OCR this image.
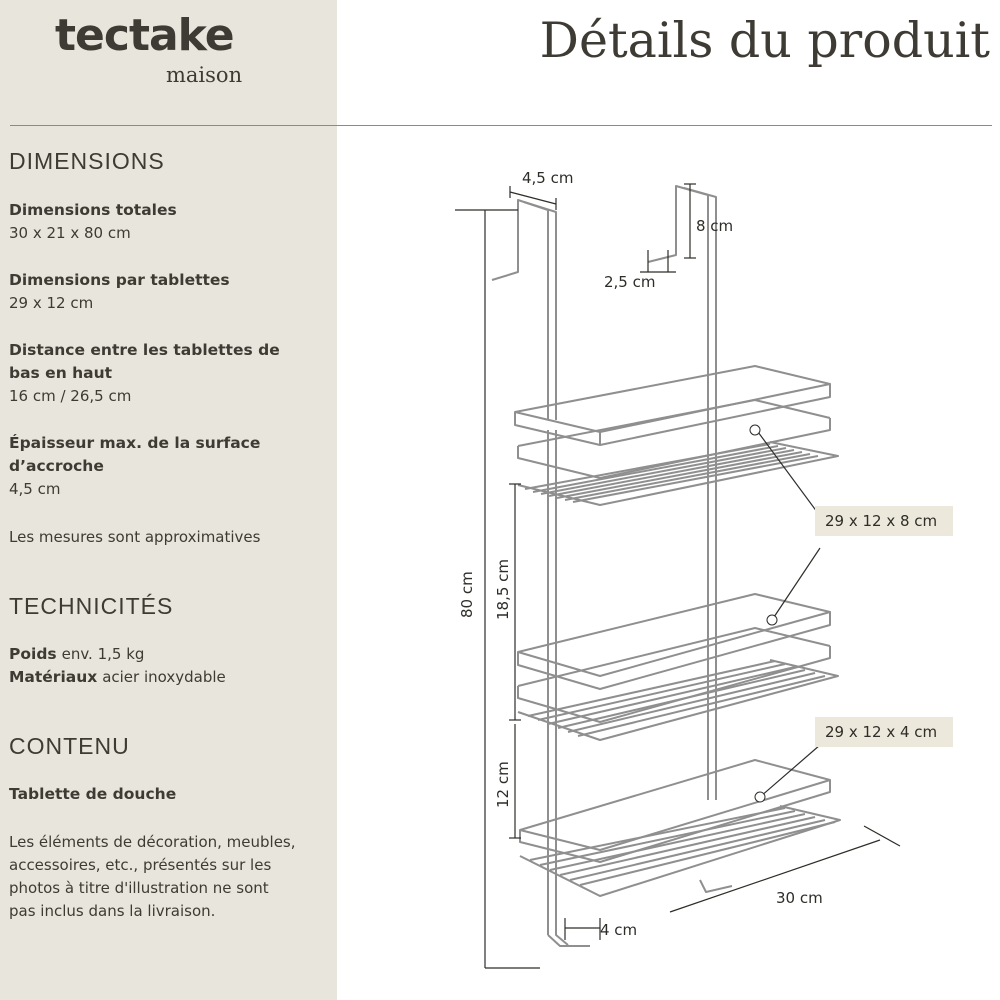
tectake
maison
Détails du produit
DIMENSIONS
Dimensions totales
30 x 21 x 80 cm
Dimensions par tablettes
29 x 12 cm
Distance entre les tablettes de bas en haut
16 cm / 26,5 cm
Épaisseur max. de la surface d’accroche
4,5 cm
Les mesures sont approximatives
TECHNICITÉS
Poids env. 1,5 kg
Matériaux acier inoxydable
CONTENU
Tablette de douche
Les éléments de décoration, meubles, accessoires, etc., présentés sur les photos à titre d'illustration ne sont pas inclus dans la livraison.
4,5 cm
8 cm
2,5 cm
80 cm 18,5 cm
12 cm
30 cm
4 cm
29 x 12 x 8 cm
29 x 12 x 4 cm
